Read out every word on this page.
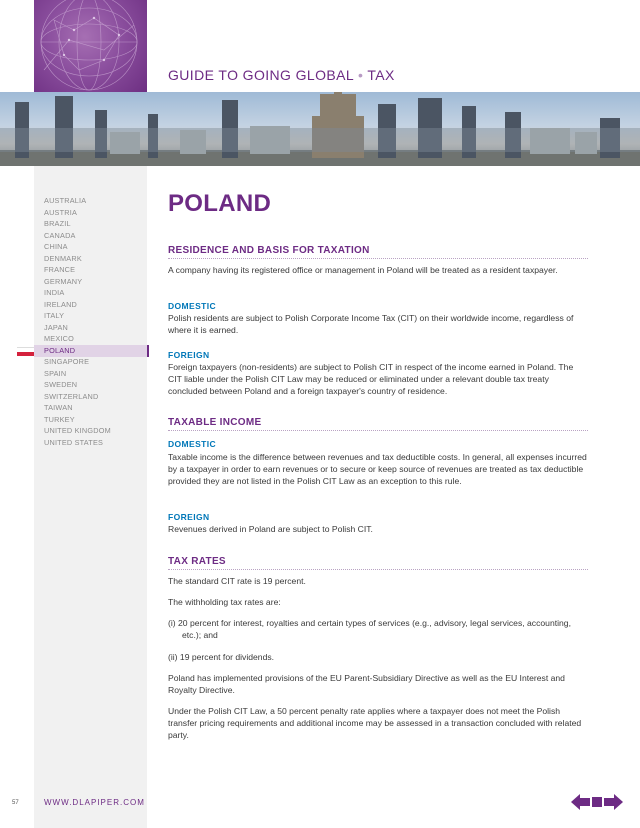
GUIDE TO GOING GLOBAL • TAX
AUSTRALIA
AUSTRIA
BRAZIL
CANADA
CHINA
DENMARK
FRANCE
GERMANY
INDIA
IRELAND
ITALY
JAPAN
MEXICO
POLAND
SINGAPORE
SPAIN
SWEDEN
SWITZERLAND
TAIWAN
TURKEY
UNITED KINGDOM
UNITED STATES
POLAND
RESIDENCE AND BASIS FOR TAXATION
A company having its registered office or management in Poland will be treated as a resident taxpayer.
DOMESTIC
Polish residents are subject to Polish Corporate Income Tax (CIT) on their worldwide income, regardless of where it is earned.
FOREIGN
Foreign taxpayers (non-residents) are subject to Polish CIT in respect of the income earned in Poland. The CIT liable under the Polish CIT Law may be reduced or eliminated under a relevant double tax treaty concluded between Poland and a foreign taxpayer's country of residence.
TAXABLE INCOME
DOMESTIC
Taxable income is the difference between revenues and tax deductible costs. In general, all expenses incurred by a taxpayer in order to earn revenues or to secure or keep source of revenues are treated as tax deductible provided they are not listed in the Polish CIT Law as an exception to this rule.
FOREIGN
Revenues derived in Poland are subject to Polish CIT.
TAX RATES
The standard CIT rate is 19 percent.
The withholding tax rates are:
(i) 20 percent for interest, royalties and certain types of services (e.g., advisory, legal services, accounting, etc.); and
(ii) 19 percent for dividends.
Poland has implemented provisions of the EU Parent-Subsidiary Directive as well as the EU Interest and Royalty Directive.
Under the Polish CIT Law, a 50 percent penalty rate applies where a taxpayer does not meet the Polish transfer pricing requirements and additional income may be assessed in a transaction concluded with related party.
57	WWW.DLAPIPER.COM
